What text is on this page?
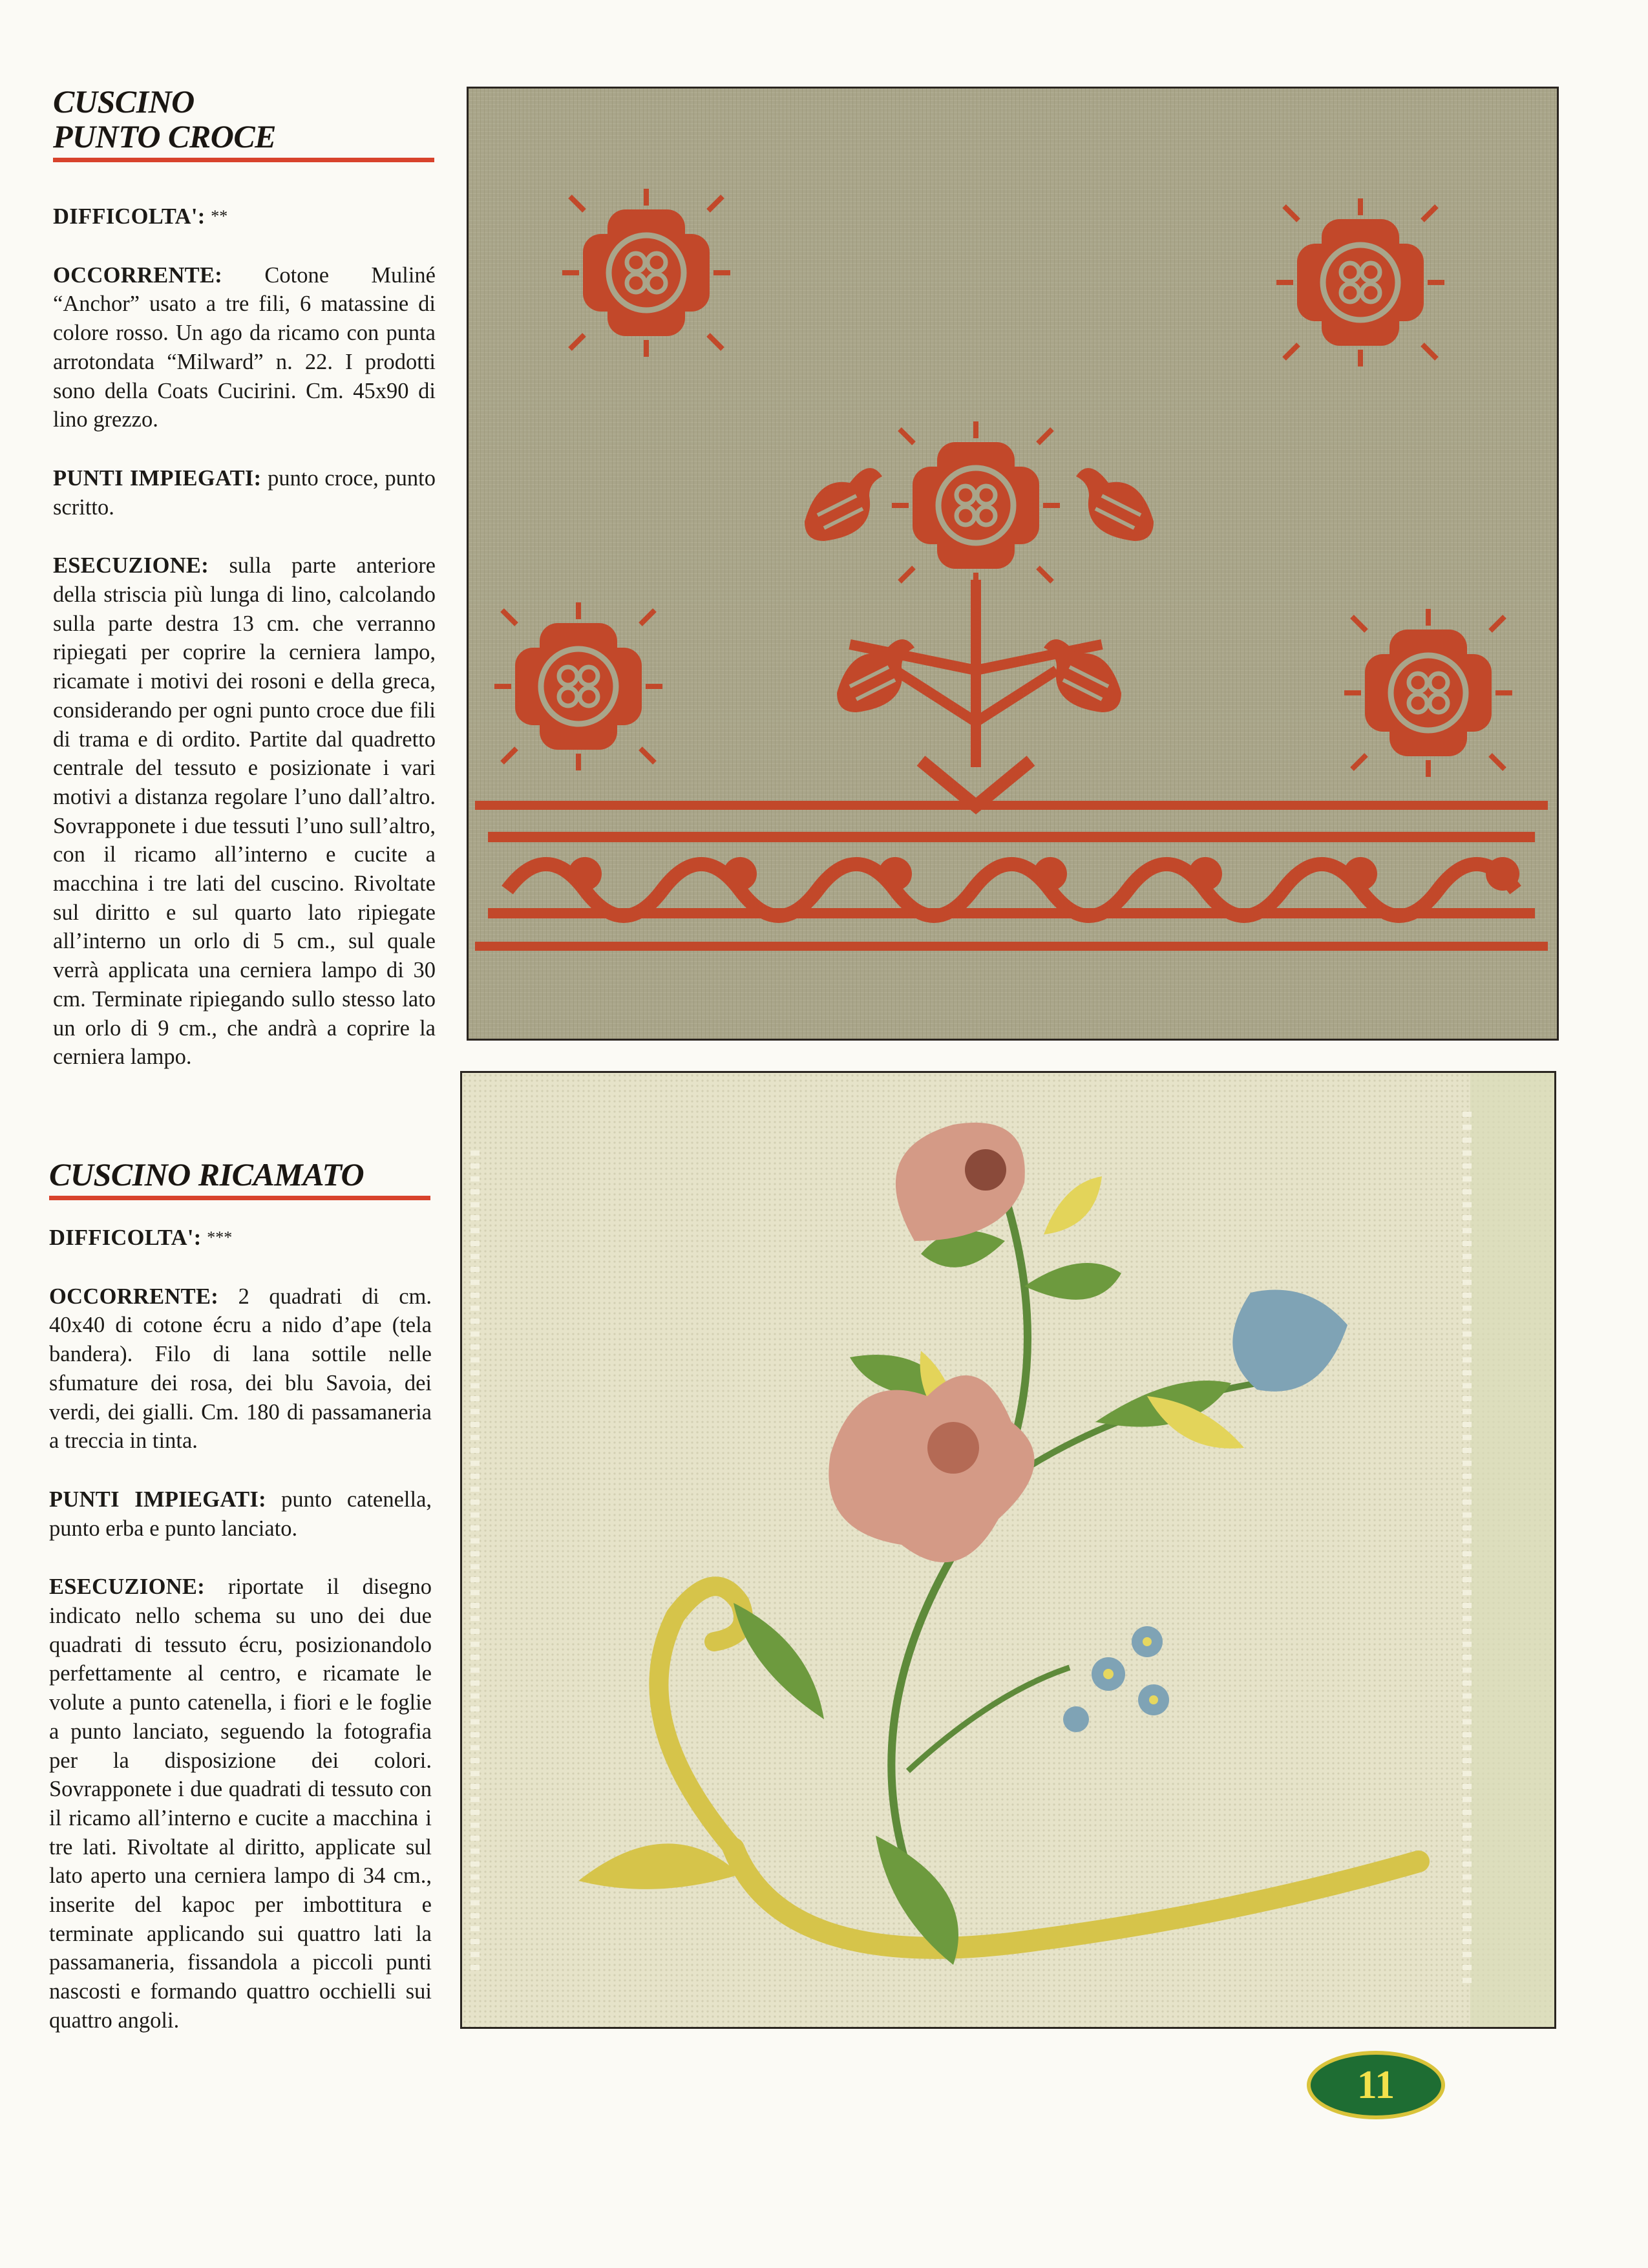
CUSCINO
PUNTO CROCE

DIFFICOLTA': **

OCCORRENTE: Cotone Muliné “Anchor” usato a tre fili, 6 matassine di colore rosso. Un ago da ricamo con punta arrotondata “Milward” n. 22. I prodotti sono della Coats Cucirini. Cm. 45x90 di lino grezzo.

PUNTI IMPIEGATI: punto croce, punto scritto.

ESECUZIONE: sulla parte anteriore della striscia più lunga di lino, calcolando sulla parte destra 13 cm. che verranno ripiegati per coprire la cerniera lampo, ricamate i motivi dei rosoni e della greca, considerando per ogni punto croce due fili di trama e di ordito. Partite dal quadretto centrale del tessuto e posizionate i vari motivi a distanza regolare l’uno dall’altro. Sovrapponete i due tessuti l’uno sull’altro, con il ricamo all’interno e cucite a macchina i tre lati del cuscino. Rivoltate sul diritto e sul quarto lato ripiegate all’interno un orlo di 5 cm., sul quale verrà applicata una cerniera lampo di 30 cm. Terminate ripiegando sullo stesso lato un orlo di 9 cm., che andrà a coprire la cerniera lampo.

CUSCINO RICAMATO

DIFFICOLTA': ***

OCCORRENTE: 2 quadrati di cm. 40x40 di cotone écru a nido d’ape (tela bandera). Filo di lana sottile nelle sfumature dei rosa, dei blu Savoia, dei verdi, dei gialli. Cm. 180 di passamaneria a treccia in tinta.

PUNTI IMPIEGATI: punto catenella, punto erba e punto lanciato.

ESECUZIONE: riportate il disegno indicato nello schema su uno dei due quadrati di tessuto écru, posizionandolo perfettamente al centro, e ricamate le volute a punto catenella, i fiori e le foglie a punto lanciato, seguendo la fotografia per la disposizione dei colori. Sovrapponete i due quadrati di tessuto con il ricamo all’interno e cucite a macchina i tre lati. Rivoltate al diritto, applicate sul lato aperto una cerniera lampo di 34 cm., inserite del kapoc per imbottitura e terminate applicando sui quattro lati la passamaneria, fissandola a piccoli punti nascosti e formando quattro occhielli sui quattro angoli.

11
